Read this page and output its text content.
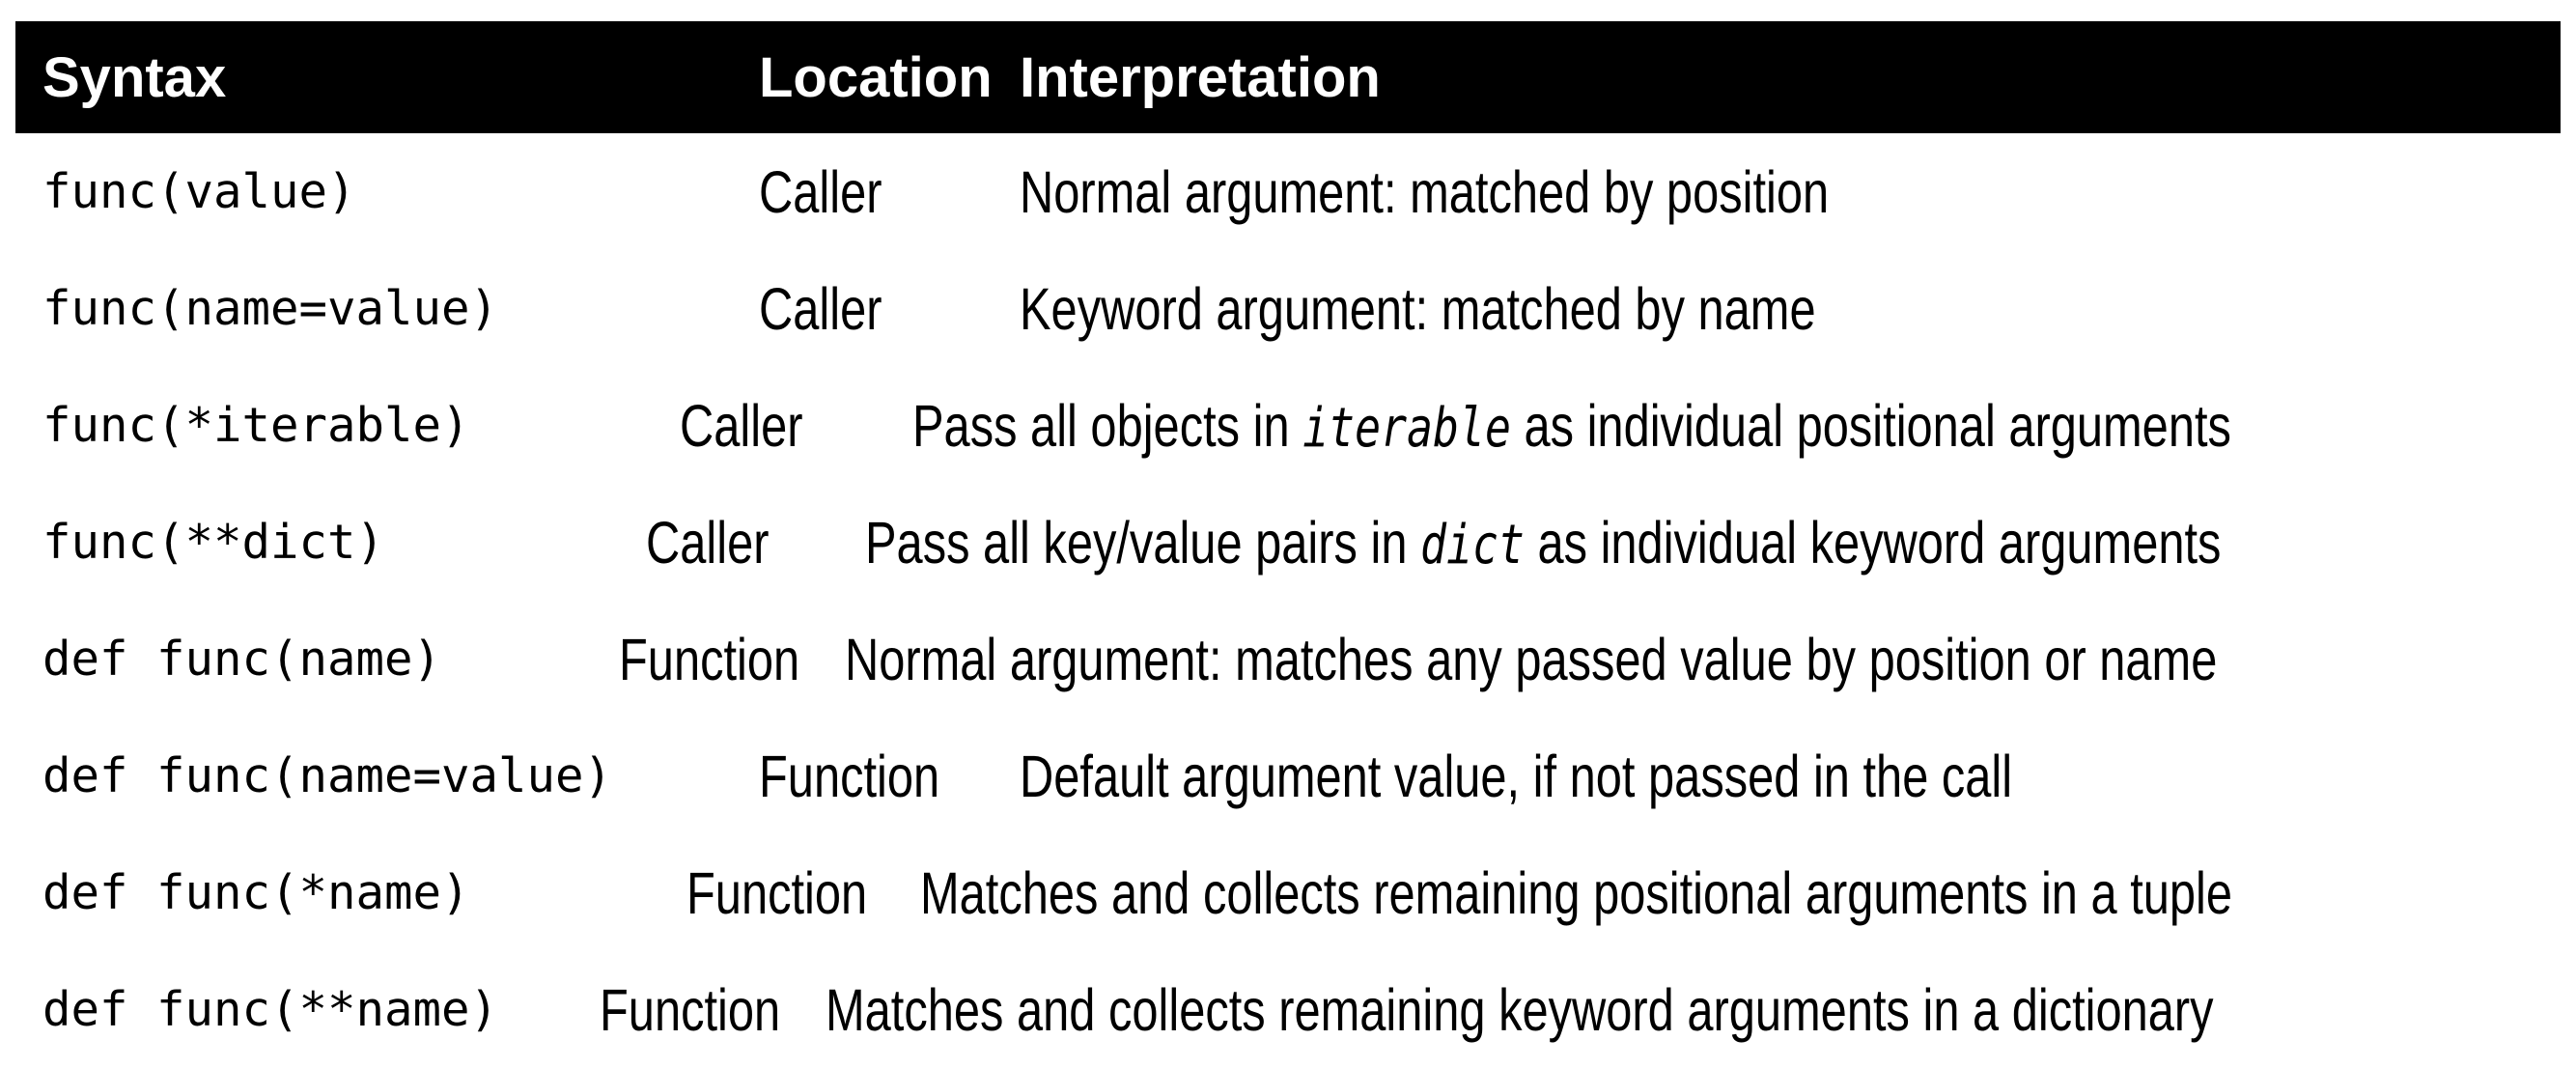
Syntax	Location Interpretation
func(value)	Caller	Normal argument: matched by position
func(name=value)	Caller	Keyword argument: matched by name
func(*iterable)	Caller	Pass all objects in iterable as individual positional arguments
func(**dict)	Caller	Pass all key/value pairs in dict as individual keyword arguments
def func(name)	Function Normal argument: matches any passed value by position or name
def func(name=value)	Function	Default argument value, if not passed in the call
def func(*name)	Function Matches and collects remaining positional arguments in a tuple
def func(**name)	Function Matches and collects remaining keyword arguments in a dictionary
